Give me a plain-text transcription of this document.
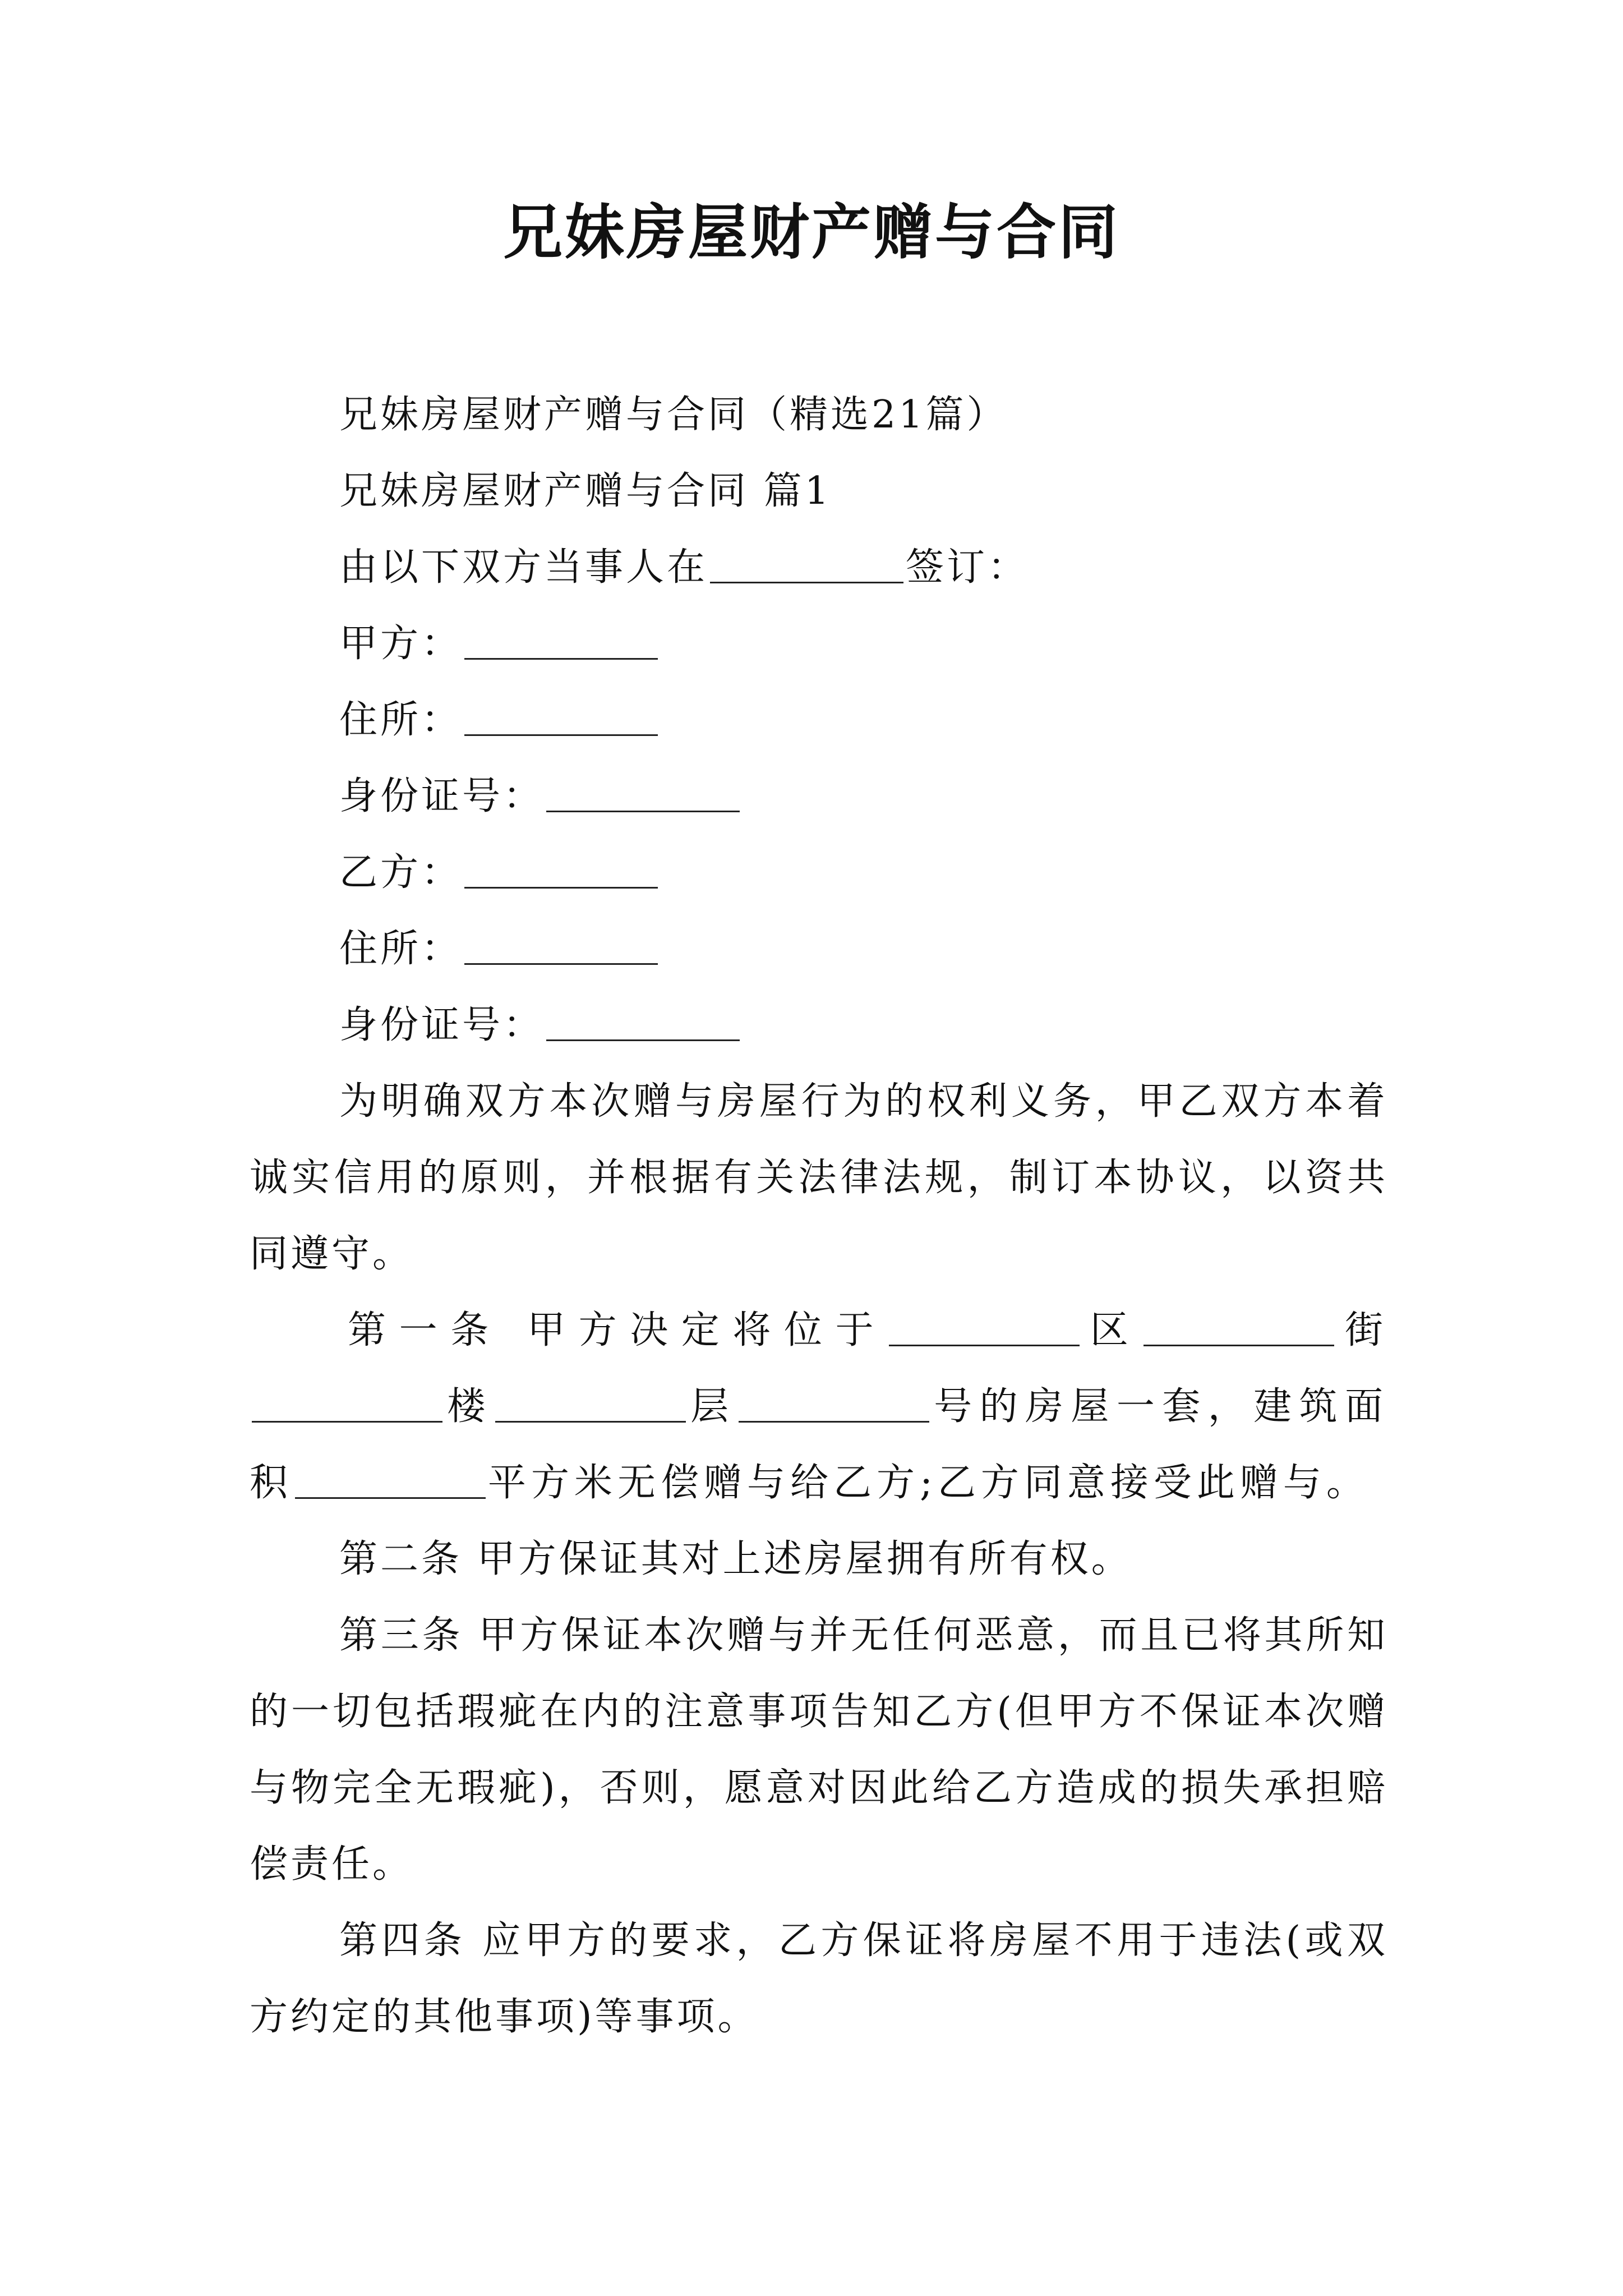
兄妹房屋财产赠与合同
兄妹房屋财产赠与合同（精选21篇）
兄妹房屋财产赠与合同 篇1
由以下双方当事人在	签订：
甲方：
住所：
身份证号：
乙方：
住所：
身份证号：
为明确双方本次赠与房屋行为的权利义务，甲乙双方本着诚实信用的原则，并根据有关法律法规，制订本协议，以资共同遵守。
第一条 甲方决定将位于	区	街楼	层	号的房屋一套，建筑面积	平方米无偿赠与给乙方;乙方同意接受此赠与。
第二条 甲方保证其对上述房屋拥有所有权。
第三条 甲方保证本次赠与并无任何恶意，而且已将其所知的一切包括瑕疵在内的注意事项告知乙方(但甲方不保证本次赠与物完全无瑕疵)，否则，愿意对因此给乙方造成的损失承担赔偿责任。
第四条 应甲方的要求，乙方保证将房屋不用于违法(或双方约定的其他事项)等事项。
